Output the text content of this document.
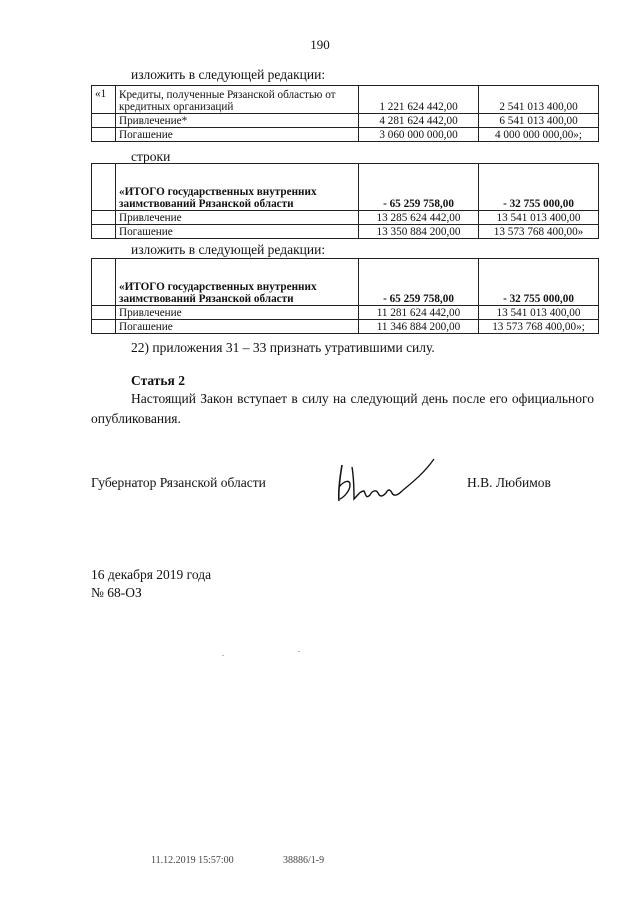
190
изложить в следующей редакции:
«1	Кредиты, полученные Рязанской областью от кредитных организаций	1 221 624 442,00	2 541 013 400,00
	Привлечение*	4 281 624 442,00	6 541 013 400,00
	Погашение	3 060 000 000,00	4 000 000 000,00»;
строки
	«ИТОГО государственных внутренних заимствований Рязанской области	- 65 259 758,00	- 32 755 000,00
	Привлечение	13 285 624 442,00	13 541 013 400,00
	Погашение	13 350 884 200,00	13 573 768 400,00»
изложить в следующей редакции:
	«ИТОГО государственных внутренних заимствований Рязанской области	- 65 259 758,00	- 32 755 000,00
	Привлечение	11 281 624 442,00	13 541 013 400,00
	Погашение	11 346 884 200,00	13 573 768 400,00»;
22) приложения 31 – 33 признать утратившими силу.
Статья 2
Настоящий Закон вступает в силу на следующий день после его официального опубликования.
Губернатор Рязанской области	Н.В. Любимов
16 декабря 2019 года
№ 68-ОЗ
11.12.2019 15:57:00	38886/1-9
